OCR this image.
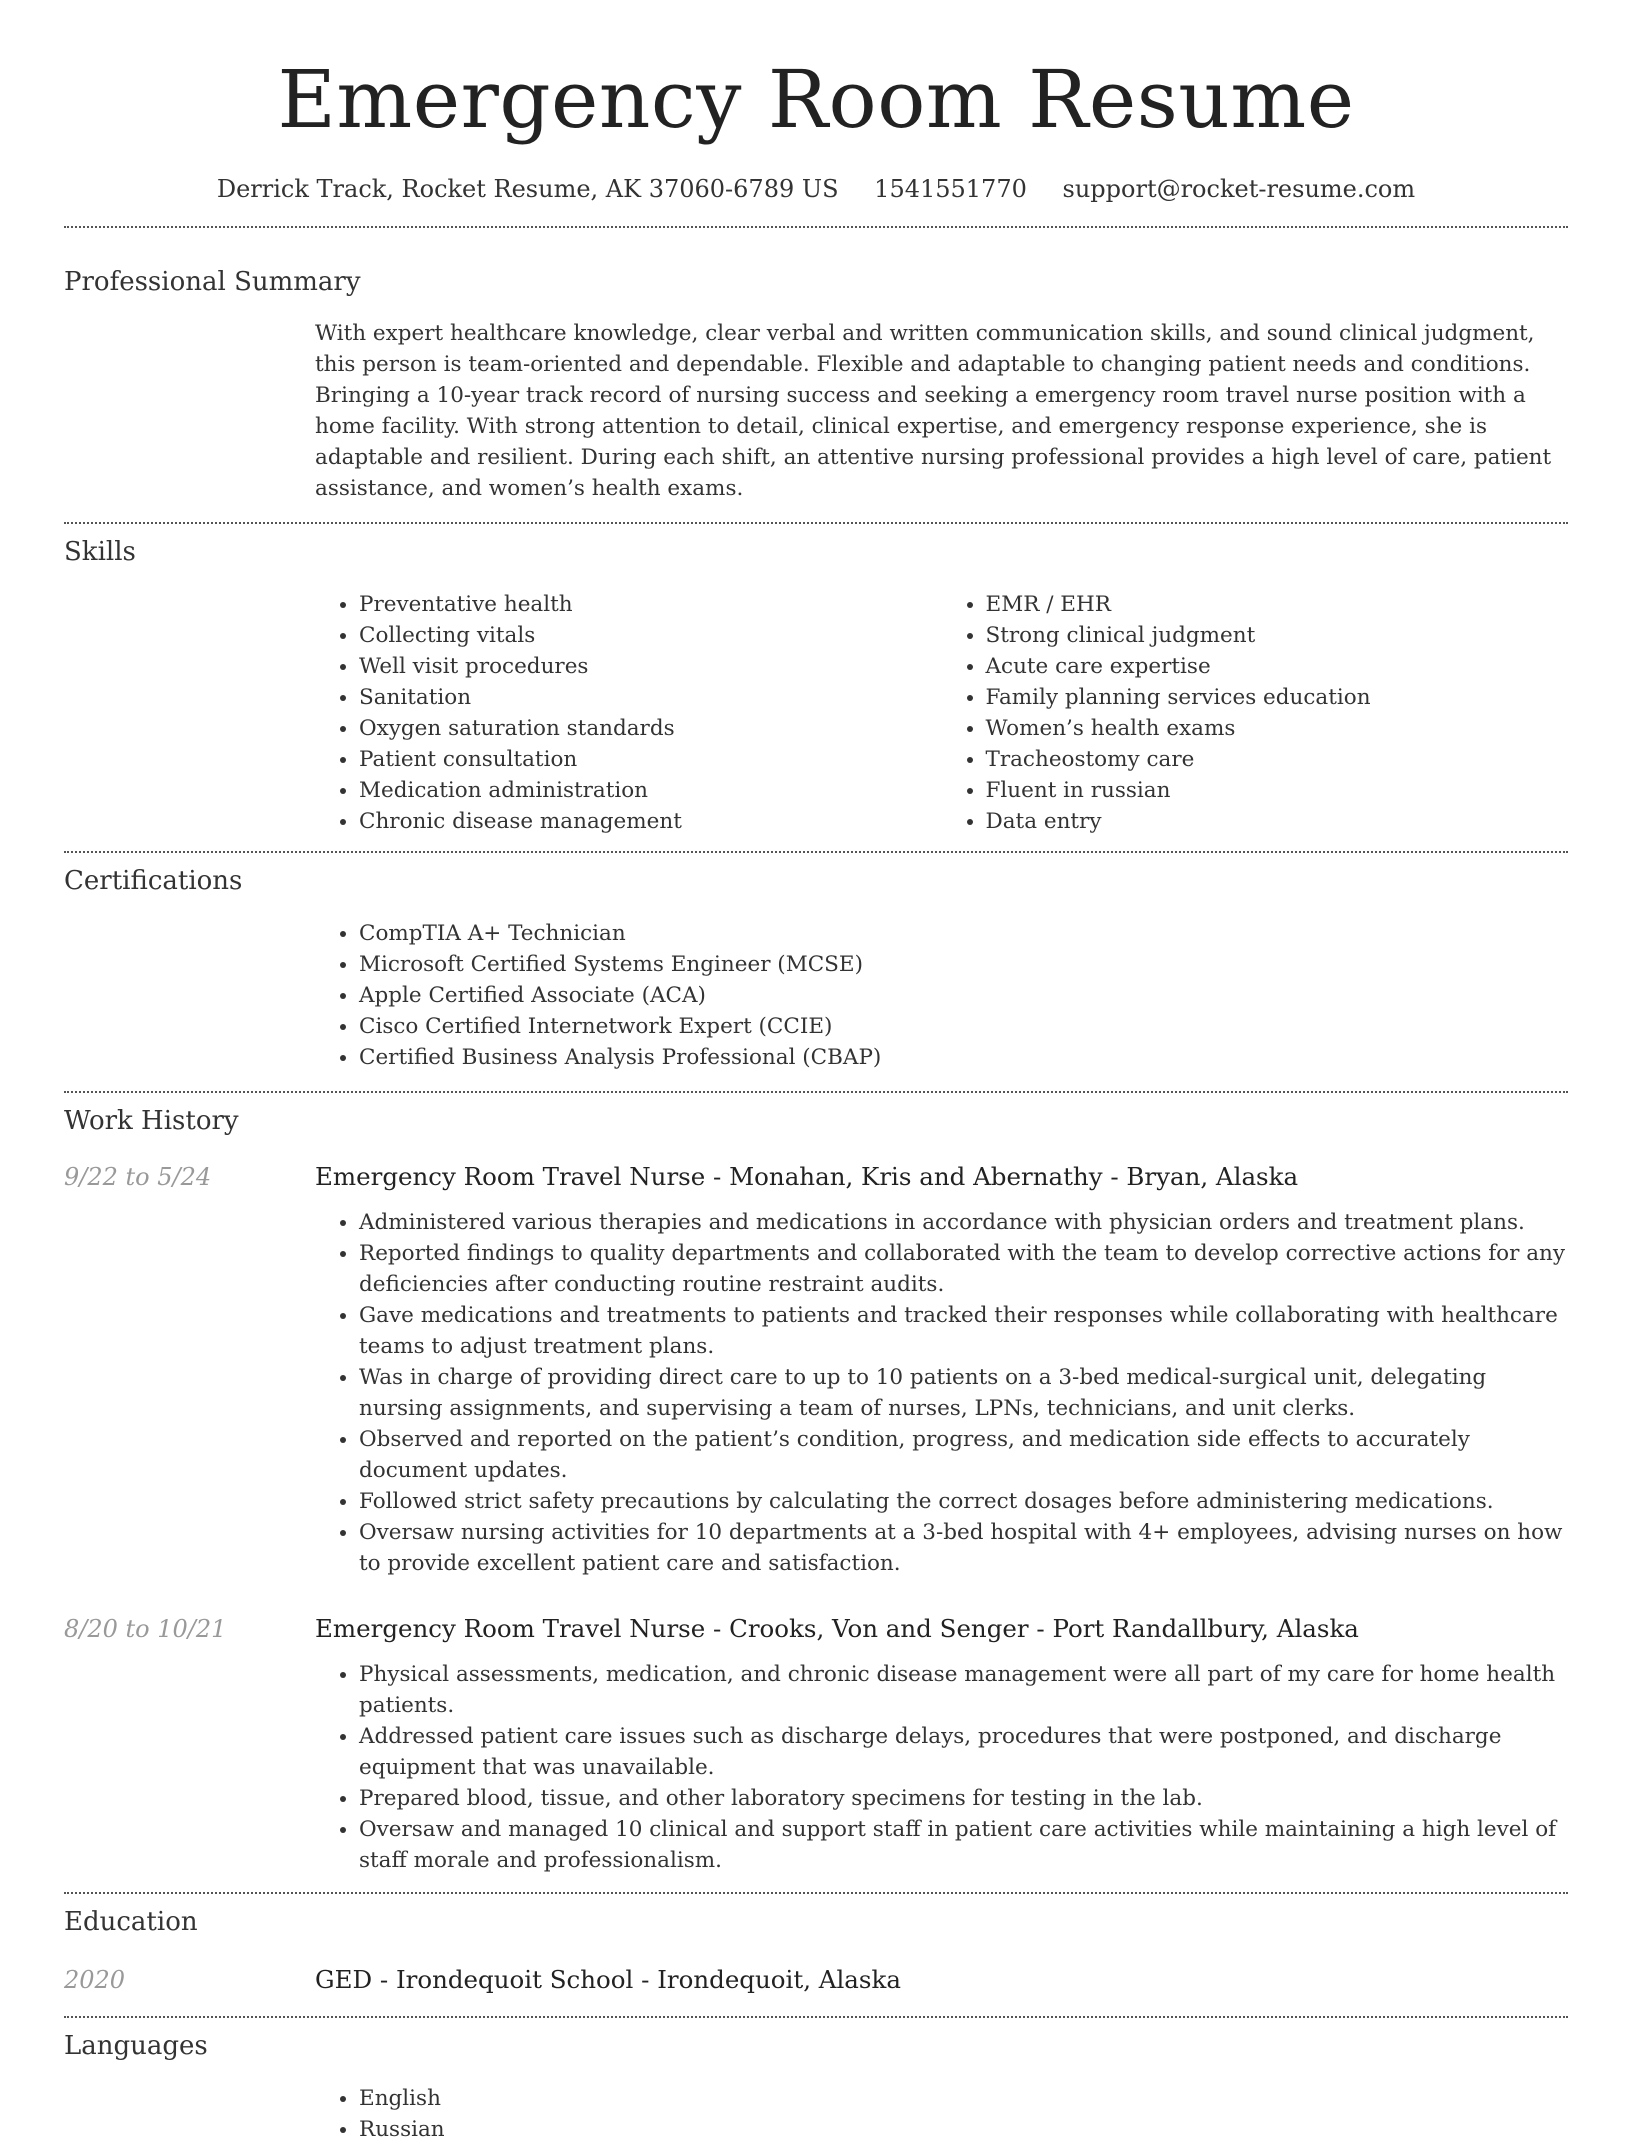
Emergency Room Resume
Derrick Track, Rocket Resume, AK 37060-6789 US 1541551770 support@rocket-resume.com
Professional Summary
With expert healthcare knowledge, clear verbal and written communication skills, and sound clinical judgment, this person is team-oriented and dependable. Flexible and adaptable to changing patient needs and conditions. Bringing a 10-year track record of nursing success and seeking a emergency room travel nurse position with a home facility. With strong attention to detail, clinical expertise, and emergency response experience, she is adaptable and resilient. During each shift, an attentive nursing professional provides a high level of care, patient assistance, and women’s health exams.
Skills
• Preventative health
• Collecting vitals
• Well visit procedures
• Sanitation
• Oxygen saturation standards
• Patient consultation
• Medication administration
• Chronic disease management
• EMR / EHR
• Strong clinical judgment
• Acute care expertise
• Family planning services education
• Women’s health exams
• Tracheostomy care
• Fluent in russian
• Data entry
Certifications
• CompTIA A+ Technician
• Microsoft Certified Systems Engineer (MCSE)
• Apple Certified Associate (ACA)
• Cisco Certified Internetwork Expert (CCIE)
• Certified Business Analysis Professional (CBAP)
Work History
9/22 to 5/24	Emergency Room Travel Nurse - Monahan, Kris and Abernathy - Bryan, Alaska
• Administered various therapies and medications in accordance with physician orders and treatment plans.
• Reported findings to quality departments and collaborated with the team to develop corrective actions for any deficiencies after conducting routine restraint audits.
• Gave medications and treatments to patients and tracked their responses while collaborating with healthcare teams to adjust treatment plans.
• Was in charge of providing direct care to up to 10 patients on a 3-bed medical-surgical unit, delegating nursing assignments, and supervising a team of nurses, LPNs, technicians, and unit clerks.
• Observed and reported on the patient’s condition, progress, and medication side effects to accurately document updates.
• Followed strict safety precautions by calculating the correct dosages before administering medications.
• Oversaw nursing activities for 10 departments at a 3-bed hospital with 4+ employees, advising nurses on how to provide excellent patient care and satisfaction.
8/20 to 10/21	Emergency Room Travel Nurse - Crooks, Von and Senger - Port Randallbury, Alaska
• Physical assessments, medication, and chronic disease management were all part of my care for home health patients.
• Addressed patient care issues such as discharge delays, procedures that were postponed, and discharge equipment that was unavailable.
• Prepared blood, tissue, and other laboratory specimens for testing in the lab.
• Oversaw and managed 10 clinical and support staff in patient care activities while maintaining a high level of staff morale and professionalism.
Education
2020	GED - Irondequoit School - Irondequoit, Alaska
Languages
• English
• Russian
